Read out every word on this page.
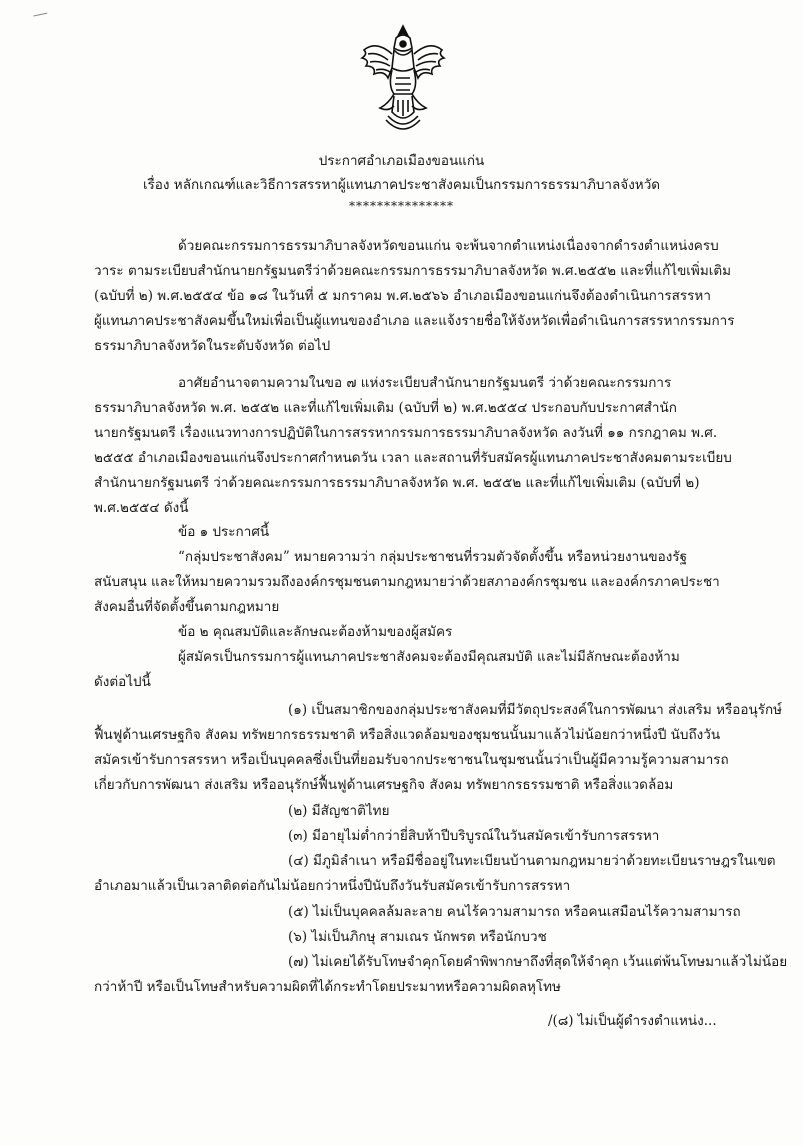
ประกาศอำเภอเมืองขอนแก่น
เรื่อง หลักเกณฑ์และวิธีการสรรหาผู้แทนภาคประชาสังคมเป็นกรรมการธรรมาภิบาลจังหวัด
***************
ด้วยคณะกรรมการธรรมาภิบาลจังหวัดขอนแก่น จะพ้นจากตำแหน่งเนื่องจากดำรงตำแหน่งครบ
วาระ ตามระเบียบสำนักนายกรัฐมนตรีว่าด้วยคณะกรรมการธรรมาภิบาลจังหวัด พ.ศ.๒๕๕๒ และที่แก้ไขเพิ่มเติม
(ฉบับที่ ๒) พ.ศ.๒๕๕๔ ข้อ ๑๘ ในวันที่ ๕ มกราคม พ.ศ.๒๕๖๖ อำเภอเมืองขอนแก่นจึงต้องดำเนินการสรรหา
ผู้แทนภาคประชาสังคมขึ้นใหม่เพื่อเป็นผู้แทนของอำเภอ และแจ้งรายชื่อให้จังหวัดเพื่อดำเนินการสรรหากรรมการ
ธรรมาภิบาลจังหวัดในระดับจังหวัด ต่อไป
อาศัยอำนาจตามความในขอ ๗ แห่งระเบียบสำนักนายกรัฐมนตรี ว่าด้วยคณะกรรมการ
ธรรมาภิบาลจังหวัด พ.ศ. ๒๕๕๒ และที่แก้ไขเพิ่มเติม (ฉบับที่ ๒) พ.ศ.๒๕๕๔ ประกอบกับประกาศสำนัก
นายกรัฐมนตรี เรื่องแนวทางการปฏิบัติในการสรรหากรรมการธรรมาภิบาลจังหวัด ลงวันที่ ๑๑ กรกฎาคม พ.ศ.
๒๕๕๕ อำเภอเมืองขอนแก่นจึงประกาศกำหนดวัน เวลา และสถานที่รับสมัครผู้แทนภาคประชาสังคมตามระเบียบ
สำนักนายกรัฐมนตรี ว่าด้วยคณะกรรมการธรรมาภิบาลจังหวัด พ.ศ. ๒๕๕๒ และที่แก้ไขเพิ่มเติม (ฉบับที่ ๒)
พ.ศ.๒๕๕๔ ดังนี้
ข้อ ๑ ประกาศนี้
“กลุ่มประชาสังคม” หมายความว่า กลุ่มประชาชนที่รวมตัวจัดตั้งขึ้น หรือหน่วยงานของรัฐ
สนับสนุน และให้หมายความรวมถึงองค์กรชุมชนตามกฎหมายว่าด้วยสภาองค์กรชุมชน และองค์กรภาคประชา
สังคมอื่นที่จัดตั้งขึ้นตามกฎหมาย
ข้อ ๒ คุณสมบัติและลักษณะต้องห้ามของผู้สมัคร
ผู้สมัครเป็นกรรมการผู้แทนภาคประชาสังคมจะต้องมีคุณสมบัติ และไม่มีลักษณะต้องห้าม
ดังต่อไปนี้
(๑) เป็นสมาชิกของกลุ่มประชาสังคมที่มีวัตถุประสงค์ในการพัฒนา ส่งเสริม หรืออนุรักษ์
ฟื้นฟูด้านเศรษฐกิจ สังคม ทรัพยากรธรรมชาติ หรือสิ่งแวดล้อมของชุมชนนั้นมาแล้วไม่น้อยกว่าหนึ่งปี นับถึงวัน
สมัครเข้ารับการสรรหา หรือเป็นบุคคลซึ่งเป็นที่ยอมรับจากประชาชนในชุมชนนั้นว่าเป็นผู้มีความรู้ความสามารถ
เกี่ยวกับการพัฒนา ส่งเสริม หรืออนุรักษ์ฟื้นฟูด้านเศรษฐกิจ สังคม ทรัพยากรธรรมชาติ หรือสิ่งแวดล้อม
(๒) มีสัญชาติไทย
(๓) มีอายุไม่ต่ำกว่ายี่สิบห้าปีบริบูรณ์ในวันสมัครเข้ารับการสรรหา
(๔) มีภูมิลำเนา หรือมีชื่ออยู่ในทะเบียนบ้านตามกฎหมายว่าด้วยทะเบียนราษฎรในเขต
อำเภอมาแล้วเป็นเวลาติดต่อกันไม่น้อยกว่าหนึ่งปีนับถึงวันรับสมัครเข้ารับการสรรหา
(๕) ไม่เป็นบุคคลล้มละลาย คนไร้ความสามารถ หรือคนเสมือนไร้ความสามารถ
(๖) ไม่เป็นภิกษุ สามเณร นักพรต หรือนักบวช
(๗) ไม่เคยได้รับโทษจำคุกโดยคำพิพากษาถึงที่สุดให้จำคุก เว้นแต่พ้นโทษมาแล้วไม่น้อย
กว่าห้าปี หรือเป็นโทษสำหรับความผิดที่ได้กระทำโดยประมาทหรือความผิดลหุโทษ
/(๘) ไม่เป็นผู้ดำรงตำแหน่ง...
